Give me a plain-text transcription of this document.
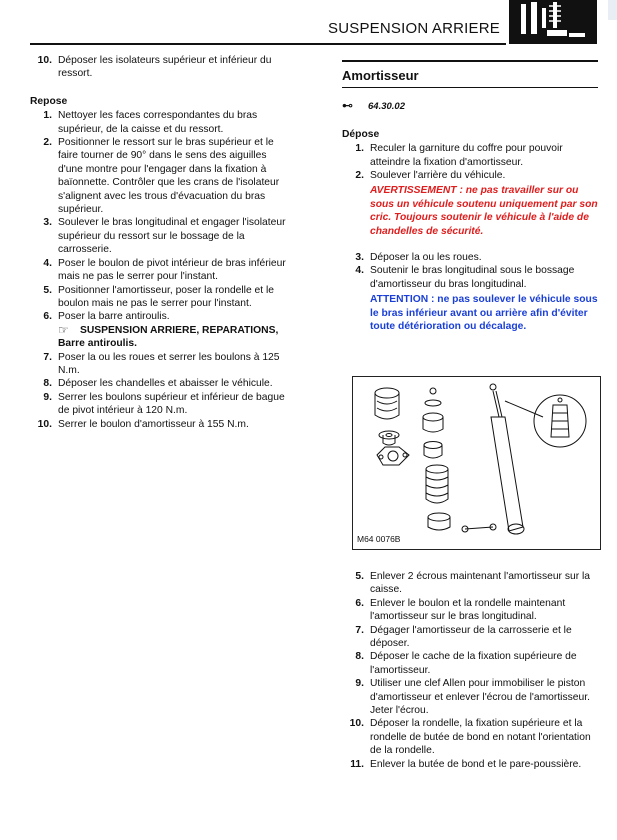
SUSPENSION ARRIERE
10. Déposer les isolateurs supérieur et inférieur du ressort.
Repose
1. Nettoyer les faces correspondantes du bras supérieur, de la caisse et du ressort.
2. Positionner le ressort sur le bras supérieur et le faire tourner de 90° dans le sens des aiguilles d'une montre pour l'engager dans la fixation à baïonnette. Contrôler que les crans de l'isolateur s'alignent avec les trous d'évacuation du bras supérieur.
3. Soulever le bras longitudinal et engager l'isolateur supérieur du ressort sur le bossage de la carrosserie.
4. Poser le boulon de pivot intérieur de bras inférieur mais ne pas le serrer pour l'instant.
5. Positionner l'amortisseur, poser la rondelle et le boulon mais ne pas le serrer pour l'instant.
6. Poser la barre antiroulis.
☞ SUSPENSION ARRIERE, REPARATIONS, Barre antiroulis.
7. Poser la ou les roues et serrer les boulons à 125 N.m.
8. Déposer les chandelles et abaisser le véhicule.
9. Serrer les boulons supérieur et inférieur de bague de pivot intérieur à 120 N.m.
10. Serrer le boulon d'amortisseur à 155 N.m.
Amortisseur
⊷ 64.30.02
Dépose
1. Reculer la garniture du coffre pour pouvoir atteindre la fixation d'amortisseur.
2. Soulever l'arrière du véhicule.
AVERTISSEMENT : ne pas travailler sur ou sous un véhicule soutenu uniquement par son cric. Toujours soutenir le véhicule à l'aide de chandelles de sécurité.
3. Déposer la ou les roues.
4. Soutenir le bras longitudinal sous le bossage d'amortisseur du bras longitudinal.
ATTENTION : ne pas soulever le véhicule sous le bras inférieur avant ou arrière afin d'éviter toute détérioration ou décalage.
M64 0076B
5. Enlever 2 écrous maintenant l'amortisseur sur la caisse.
6. Enlever le boulon et la rondelle maintenant l'amortisseur sur le bras longitudinal.
7. Dégager l'amortisseur de la carrosserie et le déposer.
8. Déposer le cache de la fixation supérieure de l'amortisseur.
9. Utiliser une clef Allen pour immobiliser le piston d'amortisseur et enlever l'écrou de l'amortisseur. Jeter l'écrou.
10. Déposer la rondelle, la fixation supérieure et la rondelle de butée de bond en notant l'orientation de la rondelle.
11. Enlever la butée de bond et le pare-poussière.
